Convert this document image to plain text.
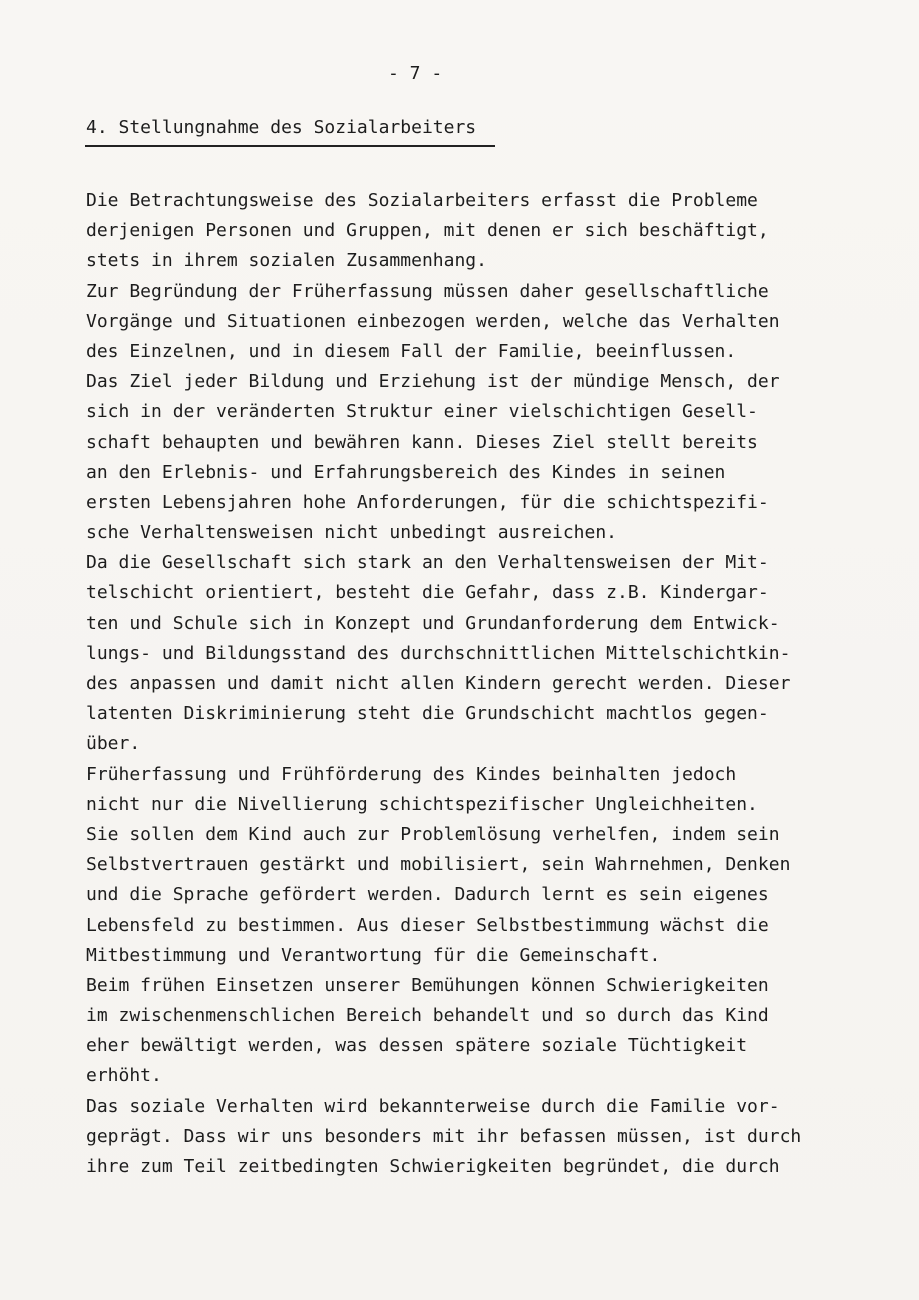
- 7 -
4. Stellungnahme des Sozialarbeiters
Die Betrachtungsweise des Sozialarbeiters erfasst die Probleme
derjenigen Personen und Gruppen, mit denen er sich beschäftigt,
stets in ihrem sozialen Zusammenhang.
Zur Begründung der Früherfassung müssen daher gesellschaftliche
Vorgänge und Situationen einbezogen werden, welche das Verhalten
des Einzelnen, und in diesem Fall der Familie, beeinflussen.
Das Ziel jeder Bildung und Erziehung ist der mündige Mensch, der
sich in der veränderten Struktur einer vielschichtigen Gesell-
schaft behaupten und bewähren kann. Dieses Ziel stellt bereits
an den Erlebnis- und Erfahrungsbereich des Kindes in seinen
ersten Lebensjahren hohe Anforderungen, für die schichtspezifi-
sche Verhaltensweisen nicht unbedingt ausreichen.
Da die Gesellschaft sich stark an den Verhaltensweisen der Mit-
telschicht orientiert, besteht die Gefahr, dass z.B. Kindergar-
ten und Schule sich in Konzept und Grundanforderung dem Entwick-
lungs- und Bildungsstand des durchschnittlichen Mittelschichtkin-
des anpassen und damit nicht allen Kindern gerecht werden. Dieser
latenten Diskriminierung steht die Grundschicht machtlos gegen-
über.
Früherfassung und Frühförderung des Kindes beinhalten jedoch
nicht nur die Nivellierung schichtspezifischer Ungleichheiten.
Sie sollen dem Kind auch zur Problemlösung verhelfen, indem sein
Selbstvertrauen gestärkt und mobilisiert, sein Wahrnehmen, Denken
und die Sprache gefördert werden. Dadurch lernt es sein eigenes
Lebensfeld zu bestimmen. Aus dieser Selbstbestimmung wächst die
Mitbestimmung und Verantwortung für die Gemeinschaft.
Beim frühen Einsetzen unserer Bemühungen können Schwierigkeiten
im zwischenmenschlichen Bereich behandelt und so durch das Kind
eher bewältigt werden, was dessen spätere soziale Tüchtigkeit
erhöht.
Das soziale Verhalten wird bekannterweise durch die Familie vor-
geprägt. Dass wir uns besonders mit ihr befassen müssen, ist durch
ihre zum Teil zeitbedingten Schwierigkeiten begründet, die durch
